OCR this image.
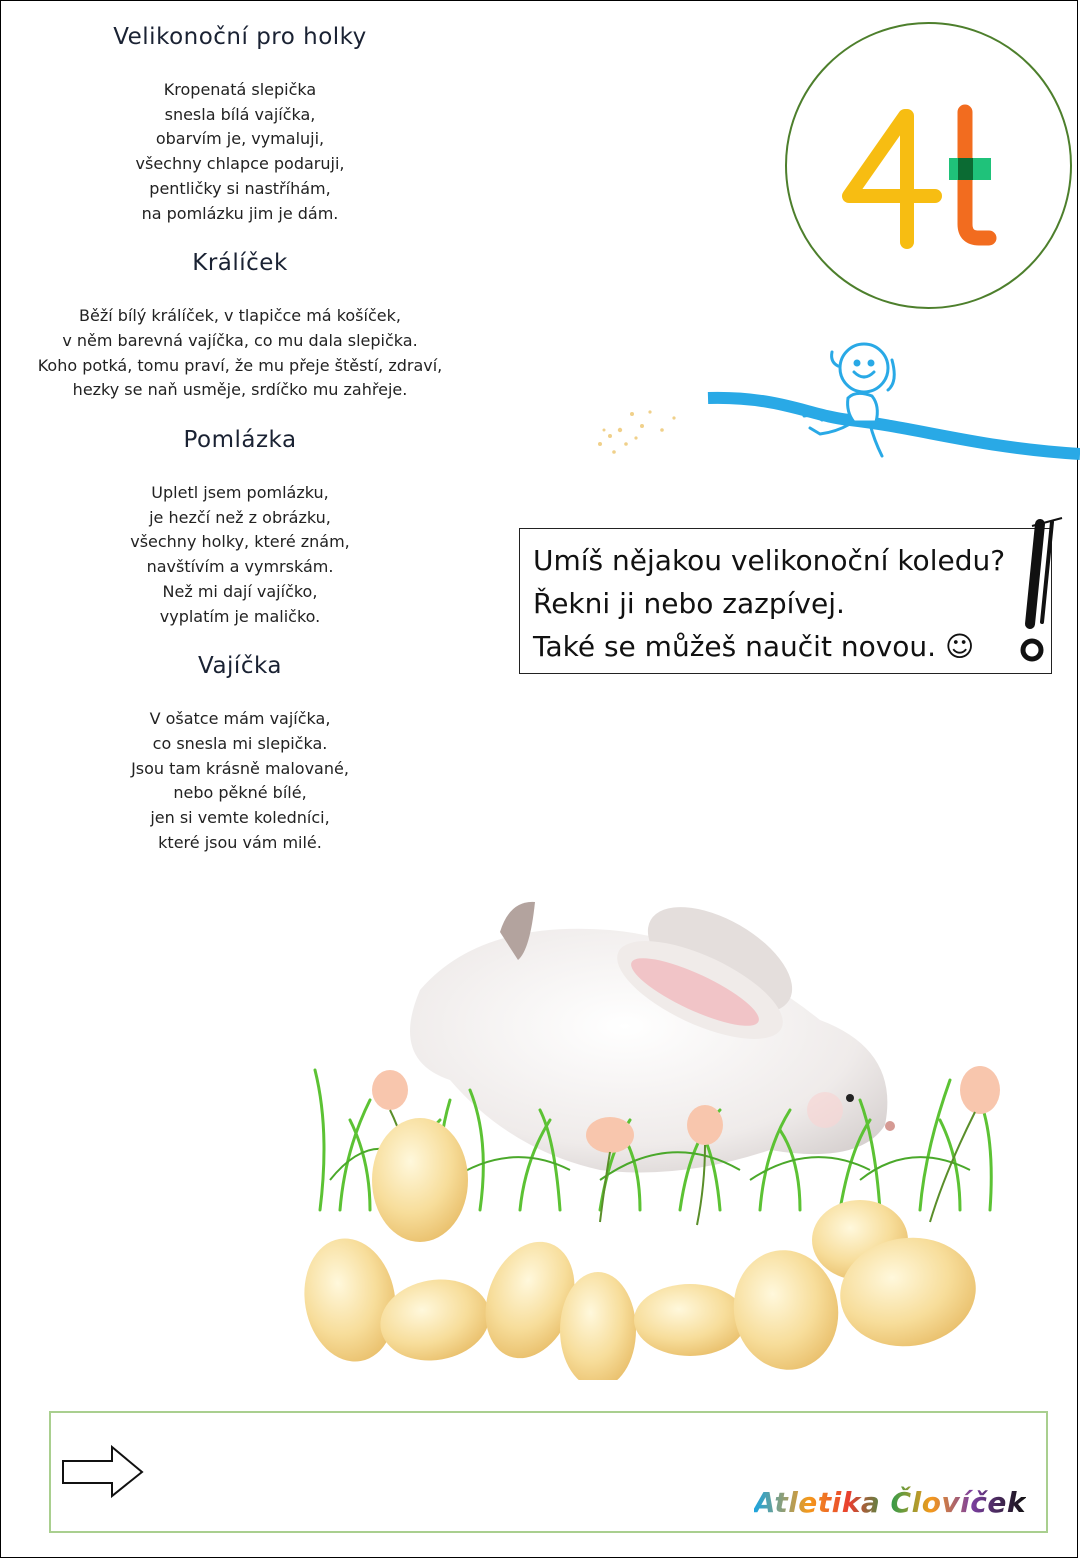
Velikonoční pro holky
Kropenatá slepička
snesla bílá vajíčka,
obarvím je, vymaluji,
všechny chlapce podaruji,
pentličky si nastříhám,
na pomlázku jim je dám.
Králíček
Běží bílý králíček, v tlapičce má košíček,
v něm barevná vajíčka, co mu dala slepička.
Koho potká, tomu praví, že mu přeje štěstí, zdraví,
hezky se naň usměje, srdíčko mu zahřeje.
Pomlázka
Upletl jsem pomlázku,
je hezčí než z obrázku,
všechny holky, které znám,
navštívím a vymrskám.
Než mi dají vajíčko,
vyplatím je maličko.
Vajíčka
V ošatce mám vajíčka,
co snesla mi slepička.
Jsou tam krásně malované,
nebo pěkné bílé,
jen si vemte koledníci,
které jsou vám milé.
Umíš nějakou velikonoční koledu?
Řekni ji nebo zazpívej.
Také se můžeš naučit novou. ☺
Atletika Človíček
